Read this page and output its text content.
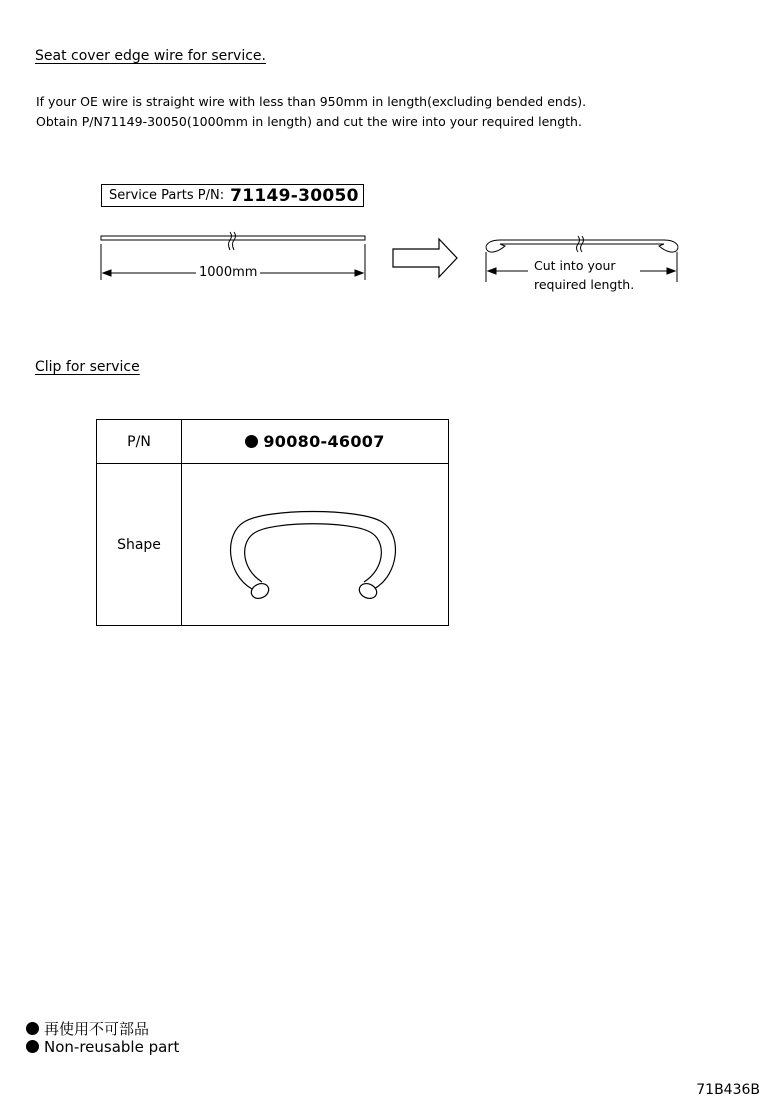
Seat cover edge wire for service.
If your OE wire is straight wire with less than 950mm in length(excluding bended ends).
Obtain P/N71149-30050(1000mm in length) and cut the wire into your required length.
Service Parts P/N: 71149-30050
1000mm	Cut into your
required length.
Clip for service
P/N	90080-46007
Shape	
再使用不可部品
Non-reusable part
71B436B
